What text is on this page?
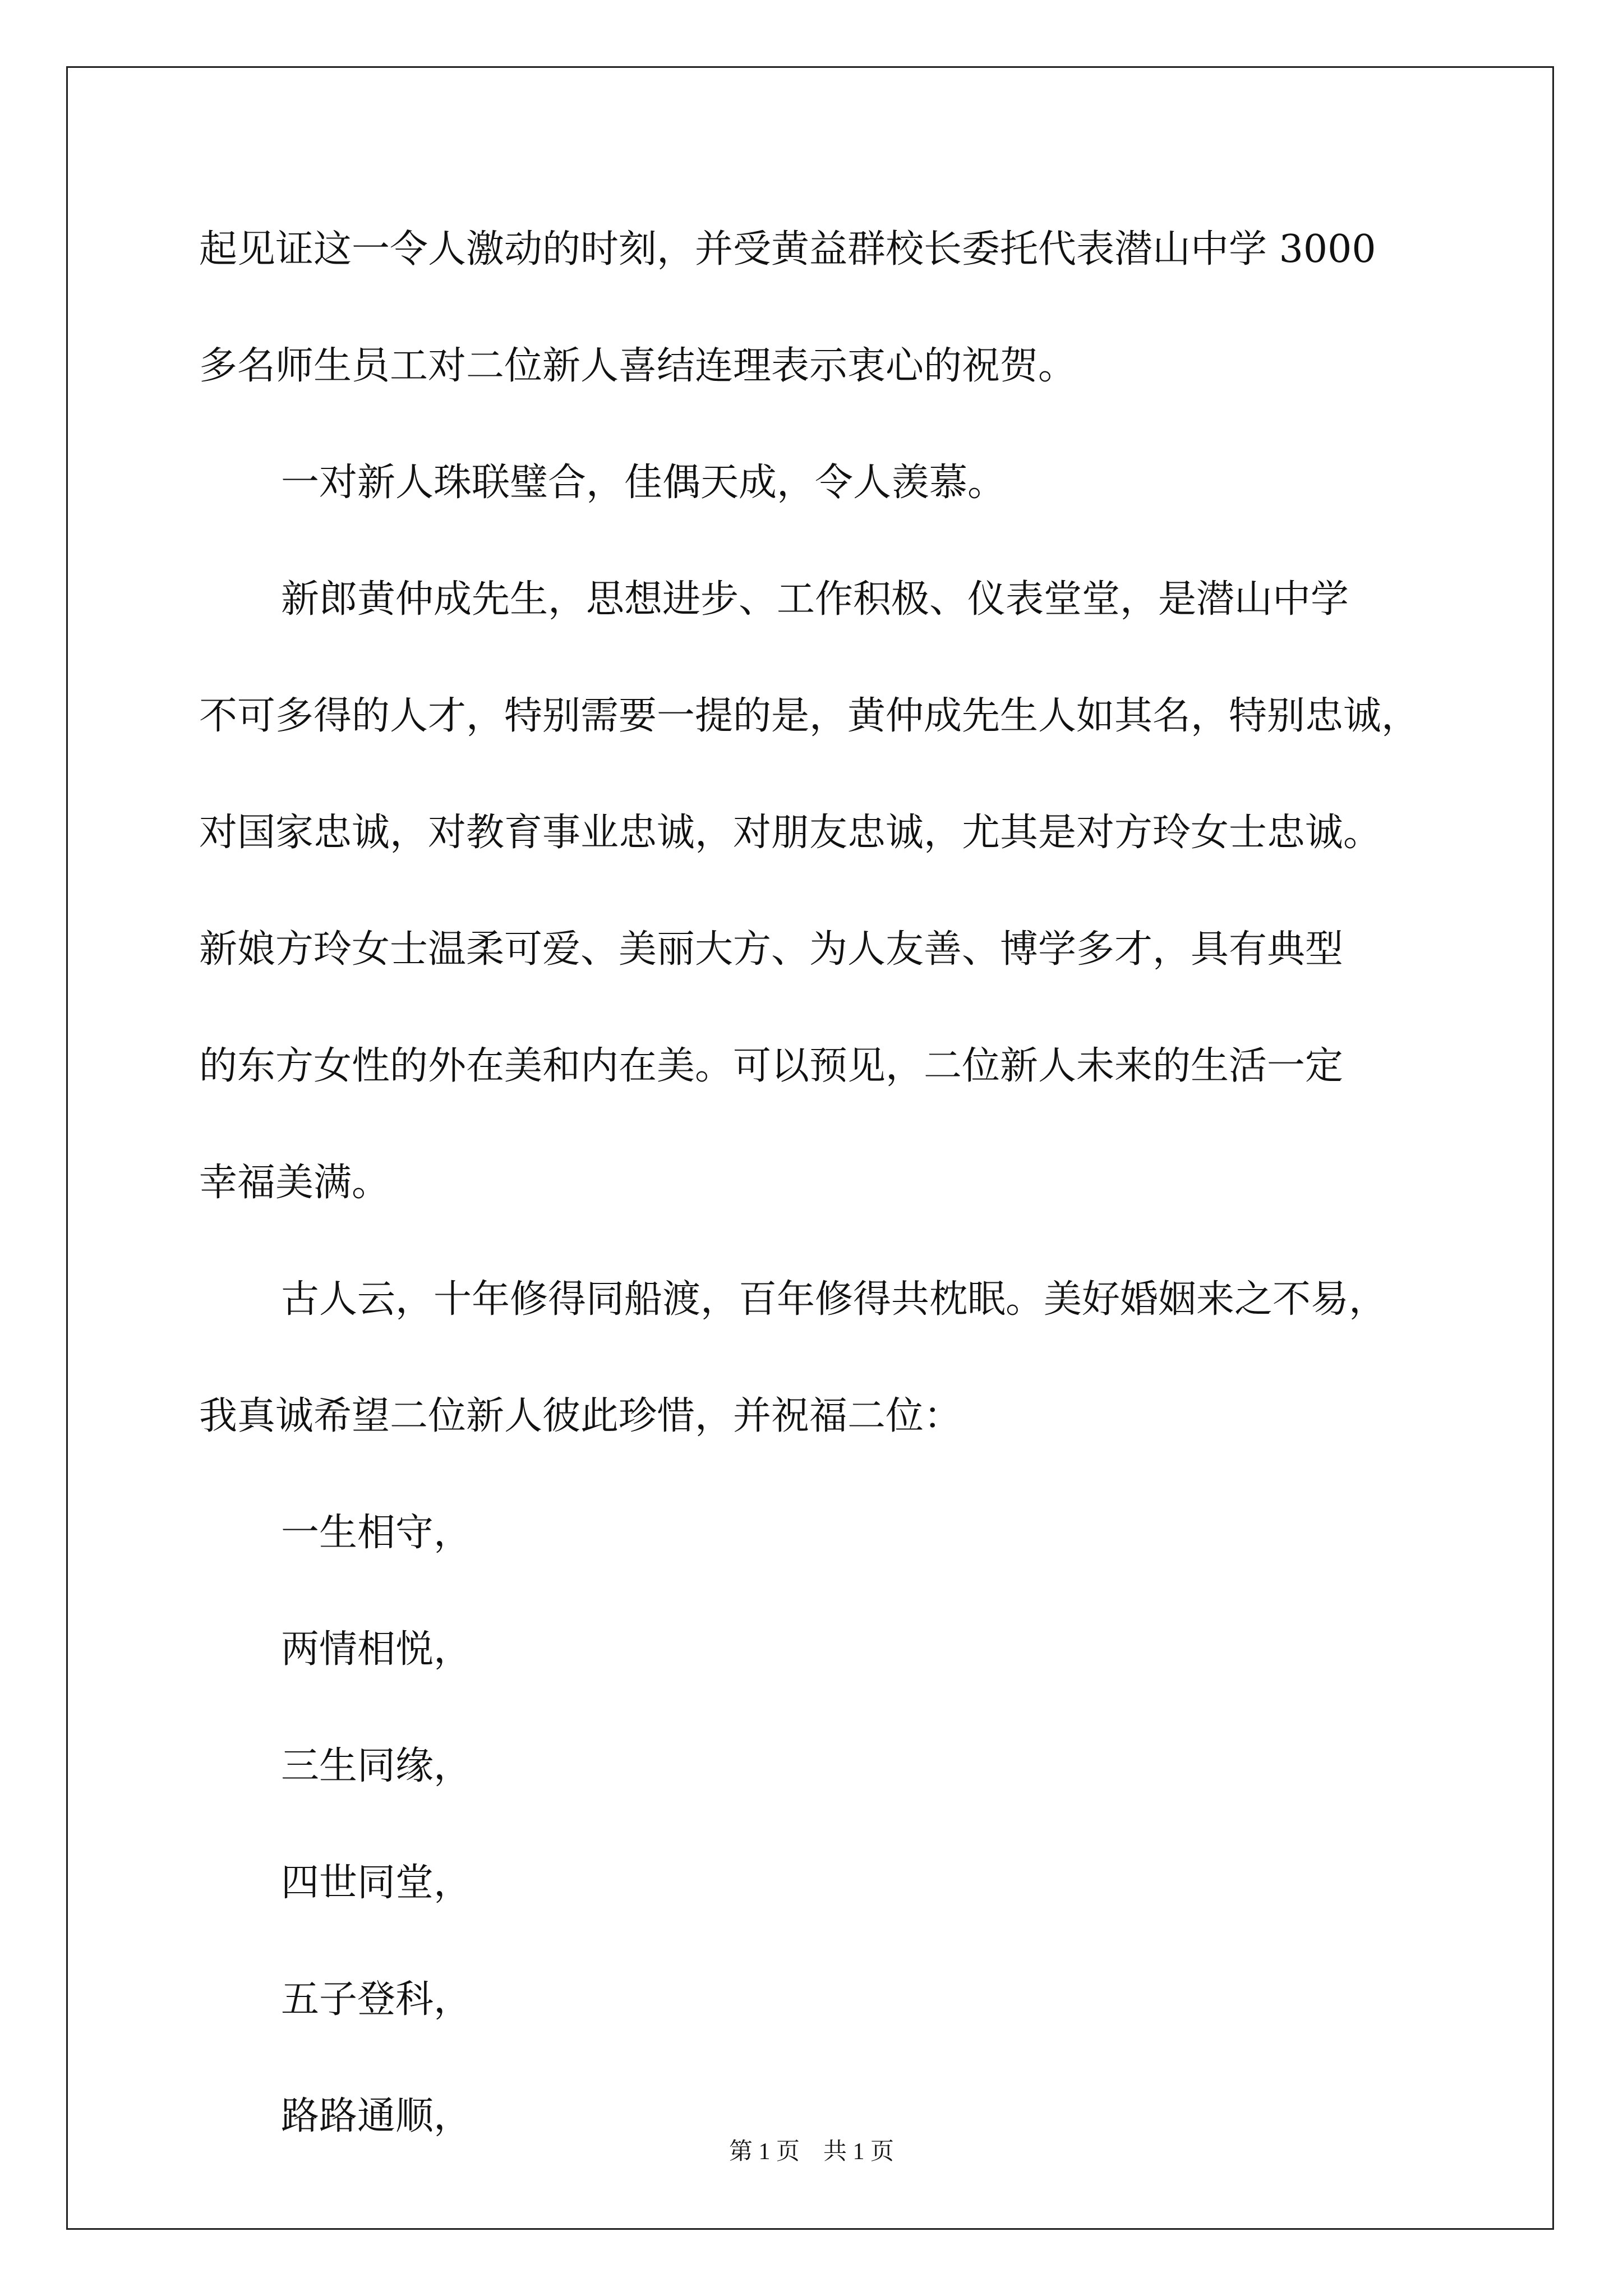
起见证这一令人激动的时刻，并受黄益群校长委托代表潜山中学 3000
多名师生员工对二位新人喜结连理表示衷心的祝贺。
一对新人珠联璧合，佳偶天成，令人羡慕。
新郎黄仲成先生，思想进步、工作积极、仪表堂堂，是潜山中学
不可多得的人才，特别需要一提的是，黄仲成先生人如其名，特别忠诚，
对国家忠诚，对教育事业忠诚，对朋友忠诚，尤其是对方玲女士忠诚。
新娘方玲女士温柔可爱、美丽大方、为人友善、博学多才，具有典型
的东方女性的外在美和内在美。可以预见，二位新人未来的生活一定
幸福美满。
古人云，十年修得同船渡，百年修得共枕眠。美好婚姻来之不易，
我真诚希望二位新人彼此珍惜，并祝福二位：
一生相守，
两情相悦，
三生同缘，
四世同堂，
五子登科，
路路通顺，
第 1 页　共 1 页
